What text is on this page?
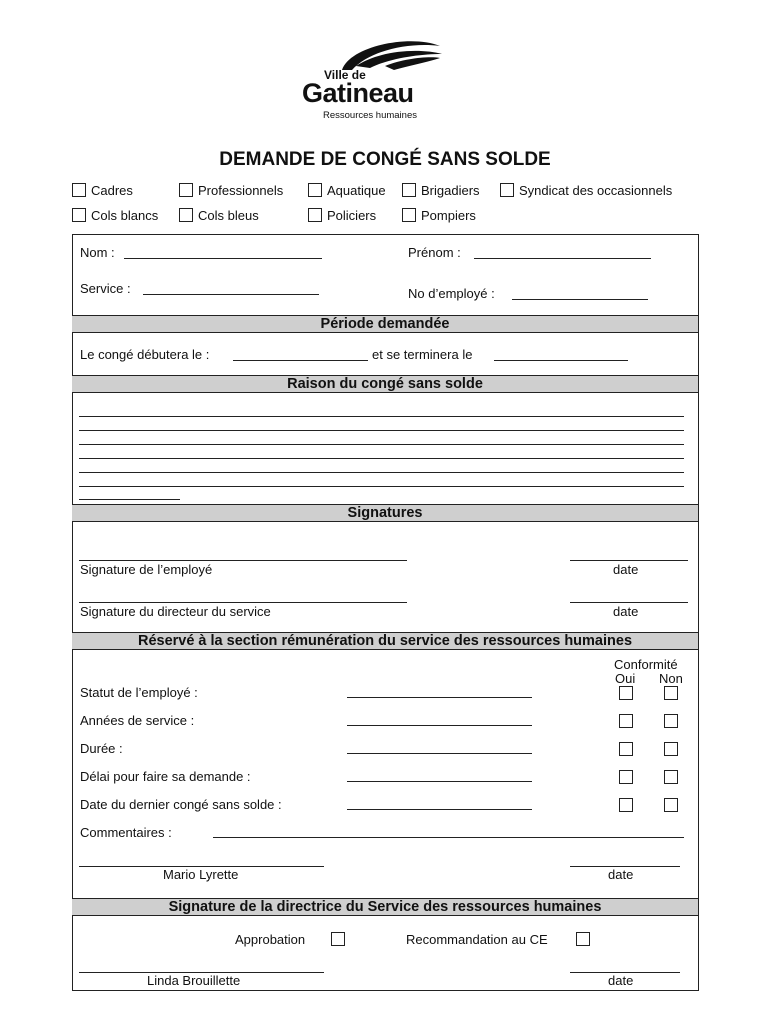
Ville de
Gatineau
Ressources humaines
DEMANDE DE CONGÉ SANS SOLDE
Cadres	Professionnels	Aquatique	Brigadiers	Syndicat des occasionnels
Cols blancs	Cols bleus	Policiers	Pompiers
Nom :	Prénom :
Service :	No d’employé :
Période demandée
Le congé débutera le :	et se terminera le
Raison du congé sans solde
Signatures
Signature de l’employé	date
Signature du directeur du service	date
Réservé à la section rémunération du service des ressources humaines
Conformité
Oui Non
Statut de l’employé :
Années de service :
Durée :
Délai pour faire sa demande :
Date du dernier congé sans solde :
Commentaires :
Mario Lyrette	date
Signature de la directrice du Service des ressources humaines
Approbation	Recommandation au CE
Linda Brouillette	date
